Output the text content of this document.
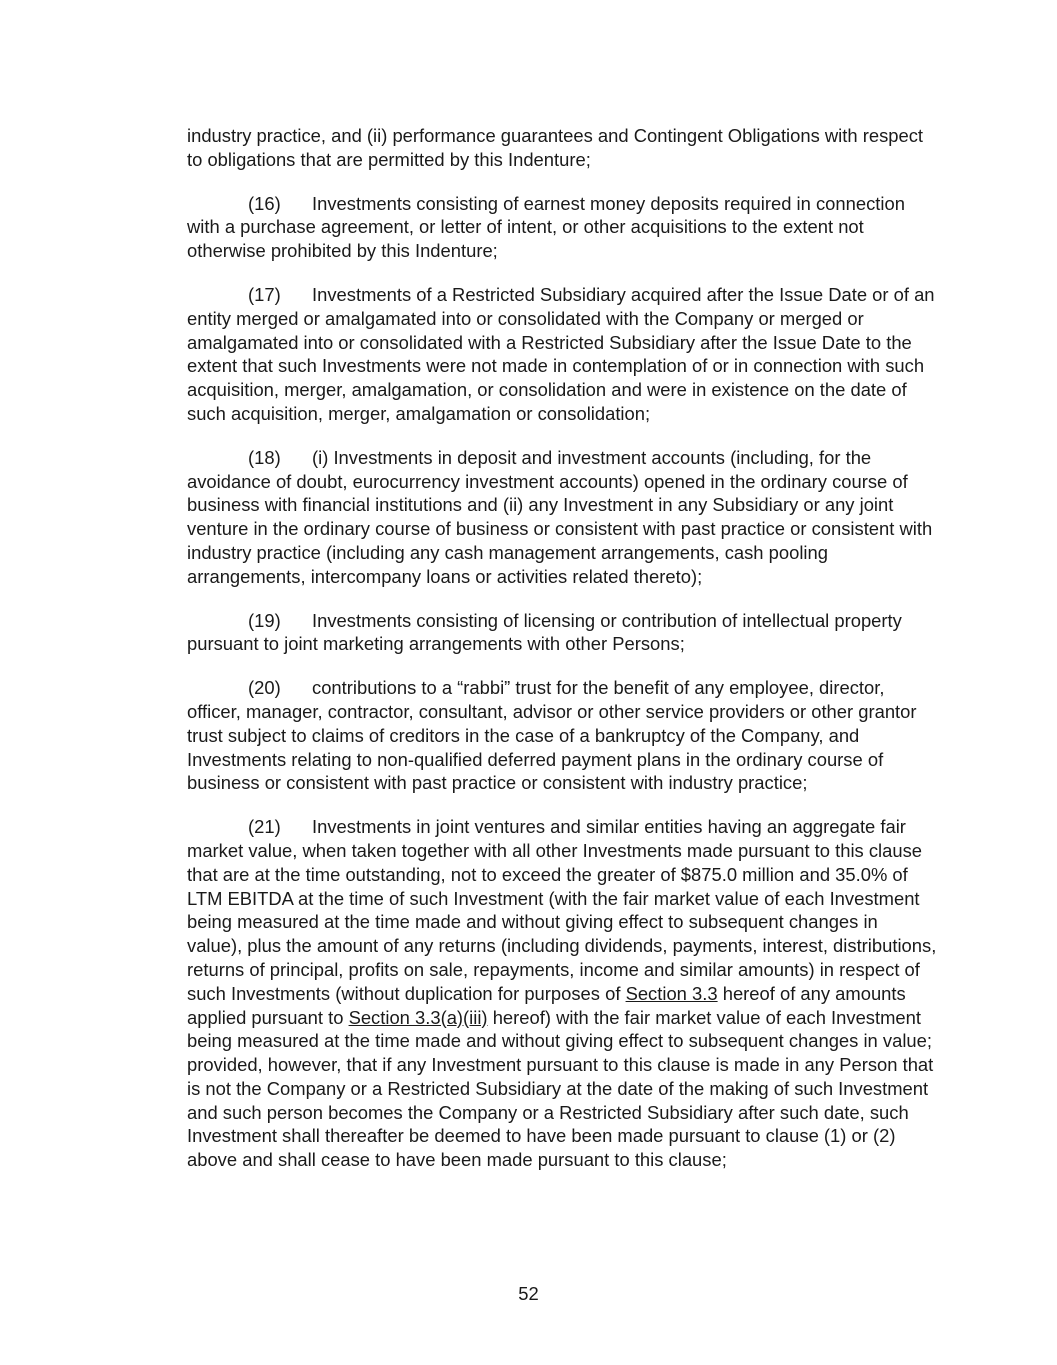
industry practice, and (ii) performance guarantees and Contingent Obligations with respect to obligations that are permitted by this Indenture;

(16) Investments consisting of earnest money deposits required in connection with a purchase agreement, or letter of intent, or other acquisitions to the extent not otherwise prohibited by this Indenture;

(17) Investments of a Restricted Subsidiary acquired after the Issue Date or of an entity merged or amalgamated into or consolidated with the Company or merged or amalgamated into or consolidated with a Restricted Subsidiary after the Issue Date to the extent that such Investments were not made in contemplation of or in connection with such acquisition, merger, amalgamation, or consolidation and were in existence on the date of such acquisition, merger, amalgamation or consolidation;

(18) (i) Investments in deposit and investment accounts (including, for the avoidance of doubt, eurocurrency investment accounts) opened in the ordinary course of business with financial institutions and (ii) any Investment in any Subsidiary or any joint venture in the ordinary course of business or consistent with past practice or consistent with industry practice (including any cash management arrangements, cash pooling arrangements, intercompany loans or activities related thereto);

(19) Investments consisting of licensing or contribution of intellectual property pursuant to joint marketing arrangements with other Persons;

(20) contributions to a “rabbi” trust for the benefit of any employee, director, officer, manager, contractor, consultant, advisor or other service providers or other grantor trust subject to claims of creditors in the case of a bankruptcy of the Company, and Investments relating to non-qualified deferred payment plans in the ordinary course of business or consistent with past practice or consistent with industry practice;

(21) Investments in joint ventures and similar entities having an aggregate fair market value, when taken together with all other Investments made pursuant to this clause that are at the time outstanding, not to exceed the greater of $875.0 million and 35.0% of LTM EBITDA at the time of such Investment (with the fair market value of each Investment being measured at the time made and without giving effect to subsequent changes in value), plus the amount of any returns (including dividends, payments, interest, distributions, returns of principal, profits on sale, repayments, income and similar amounts) in respect of such Investments (without duplication for purposes of Section 3.3 hereof of any amounts applied pursuant to Section 3.3(a)(iii) hereof) with the fair market value of each Investment being measured at the time made and without giving effect to subsequent changes in value; provided, however, that if any Investment pursuant to this clause is made in any Person that is not the Company or a Restricted Subsidiary at the date of the making of such Investment and such person becomes the Company or a Restricted Subsidiary after such date, such Investment shall thereafter be deemed to have been made pursuant to clause (1) or (2) above and shall cease to have been made pursuant to this clause;

52
